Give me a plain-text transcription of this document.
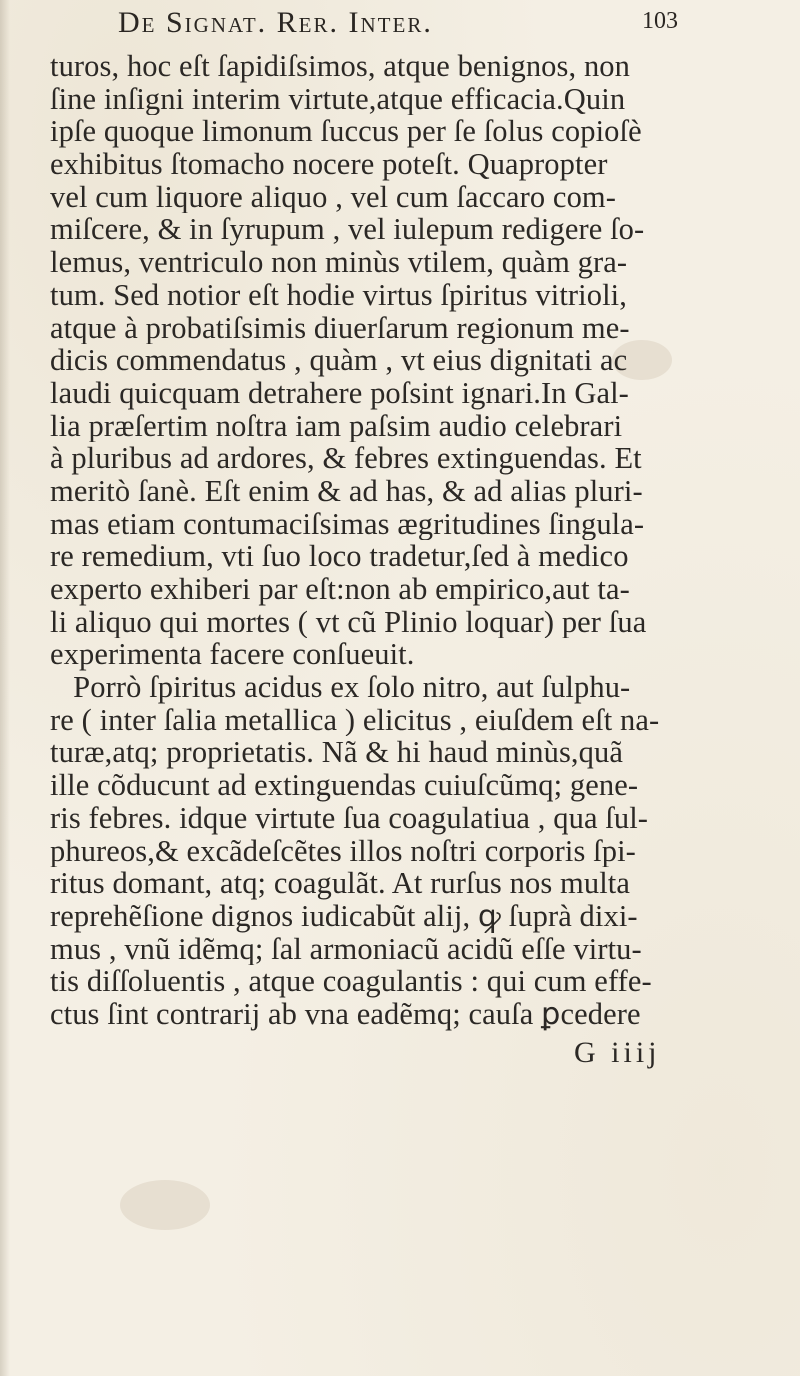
De Signat. Rer. Inter.	103
turos, hoc eſt ſapidiſsimos, atque benignos, non
ſine inſigni interim virtute,atque efficacia.Quin
ipſe quoque limonum ſuccus per ſe ſolus copioſè
exhibitus ſtomacho nocere poteſt. Quapropter
vel cum liquore aliquo , vel cum ſaccaro com-
miſcere, & in ſyrupum , vel iulepum redigere ſo-
lemus, ventriculo non minùs vtilem, quàm gra-
tum. Sed notior eſt hodie virtus ſpiritus vitrioli,
atque à probatiſsimis diuerſarum regionum me-
dicis commendatus , quàm , vt eius dignitati ac
laudi quicquam detrahere poſsint ignari.In Gal-
lia præſertim noſtra iam paſsim audio celebrari
à pluribus ad ardores, & febres extinguendas. Et
meritò ſanè. Eſt enim & ad has, & ad alias pluri-
mas etiam contumaciſsimas ægritudines ſingula-
re remedium, vti ſuo loco tradetur,ſed à medico
experto exhiberi par eſt:non ab empirico,aut ta-
li aliquo qui mortes ( vt cũ Plinio loquar) per ſua
experimenta facere conſueuit.
Porrò ſpiritus acidus ex ſolo nitro, aut ſulphu-
re ( inter ſalia metallica ) elicitus , eiuſdem eſt na-
turæ,atq; proprietatis. Nã & hi haud minùs,quã
ille cõducunt ad extinguendas cuiuſcũmq; gene-
ris febres. idque virtute ſua coagulatiua , qua ſul-
phureos,& excãdeſcẽtes illos noſtri corporis ſpi-
ritus domant, atq; coagulãt. At rurſus nos multa
reprehẽſione dignos iudicabũt alij, ꝙ ſuprà dixi-
mus , vnũ idẽmq; ſal armoniacũ acidũ eſſe virtu-
tis diſſoluentis , atque coagulantis : qui cum effe-
ctus ſint contrarij ab vna eadẽmq; cauſa ꝑcedere
G iiij
